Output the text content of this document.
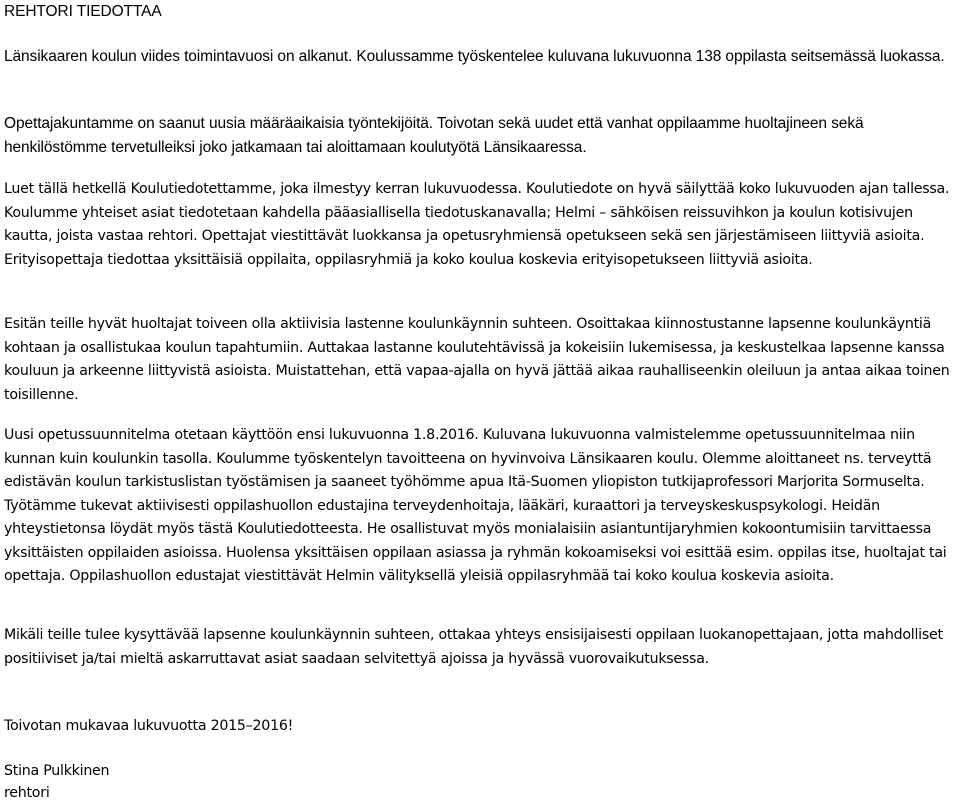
REHTORI TIEDOTTAA

Länsikaaren koulun viides toimintavuosi on alkanut. Koulussamme työskentelee kuluvana lukuvuonna 138 oppilasta seitsemässä luokassa.

Opettajakuntamme on saanut uusia määräaikaisia työntekijöitä. Toivotan sekä uudet että vanhat oppilaamme huoltajineen sekä henkilöstömme tervetulleiksi joko jatkamaan tai aloittamaan koulutyötä Länsikaaressa.

Luet tällä hetkellä Koulutiedotettamme, joka ilmestyy kerran lukuvuodessa. Koulutiedote on hyvä säilyttää koko lukuvuoden ajan tallessa. Koulumme yhteiset asiat tiedotetaan kahdella pääasiallisella tiedotuskanavalla; Helmi – sähköisen reissuvihkon ja koulun kotisivujen kautta, joista vastaa rehtori. Opettajat viestittävät luokkansa ja opetusryhmiensä opetukseen sekä sen järjestämiseen liittyviä asioita. Erityisopettaja tiedottaa yksittäisiä oppilaita, oppilasryhmiä ja koko koulua koskevia erityisopetukseen liittyviä asioita.

Esitän teille hyvät huoltajat toiveen olla aktiivisia lastenne koulunkäynnin suhteen. Osoittakaa kiinnostustanne lapsenne koulunkäyntiä kohtaan ja osallistukaa koulun tapahtumiin. Auttakaa lastanne koulutehtävissä ja kokeisiin lukemisessa, ja keskustelkaa lapsenne kanssa kouluun ja arkeenne liittyvistä asioista. Muistattehan, että vapaa-ajalla on hyvä jättää aikaa rauhalliseenkin oleiluun ja antaa aikaa toinen toisillenne.

Uusi opetussuunnitelma otetaan käyttöön ensi lukuvuonna 1.8.2016. Kuluvana lukuvuonna valmistelemme opetussuunnitelmaa niin kunnan kuin koulunkin tasolla. Koulumme työskentelyn tavoitteena on hyvinvoiva Länsikaaren koulu. Olemme aloittaneet ns. terveyttä edistävän koulun tarkistuslistan työstämisen ja saaneet työhömme apua Itä-Suomen yliopiston tutkijaprofessori Marjorita Sormuselta. Työtämme tukevat aktiivisesti oppilashuollon edustajina terveydenhoitaja, lääkäri, kuraattori ja terveyskeskuspsykologi. Heidän yhteystietonsa löydät myös tästä Koulutiedotteesta. He osallistuvat myös monialaisiin asiantuntijaryhmien kokoontumisiin tarvittaessa yksittäisten oppilaiden asioissa. Huolensa yksittäisen oppilaan asiassa ja ryhmän kokoamiseksi voi esittää esim. oppilas itse, huoltajat tai opettaja. Oppilashuollon edustajat viestittävät Helmin välityksellä yleisiä oppilasryhmää tai koko koulua koskevia asioita.

Mikäli teille tulee kysyttävää lapsenne koulunkäynnin suhteen, ottakaa yhteys ensisijaisesti oppilaan luokanopettajaan, jotta mahdolliset positiiviset ja/tai mieltä askarruttavat asiat saadaan selvitettyä ajoissa ja hyvässä vuorovaikutuksessa.

Toivotan mukavaa lukuvuotta 2015–2016!

Stina Pulkkinen

rehtori
